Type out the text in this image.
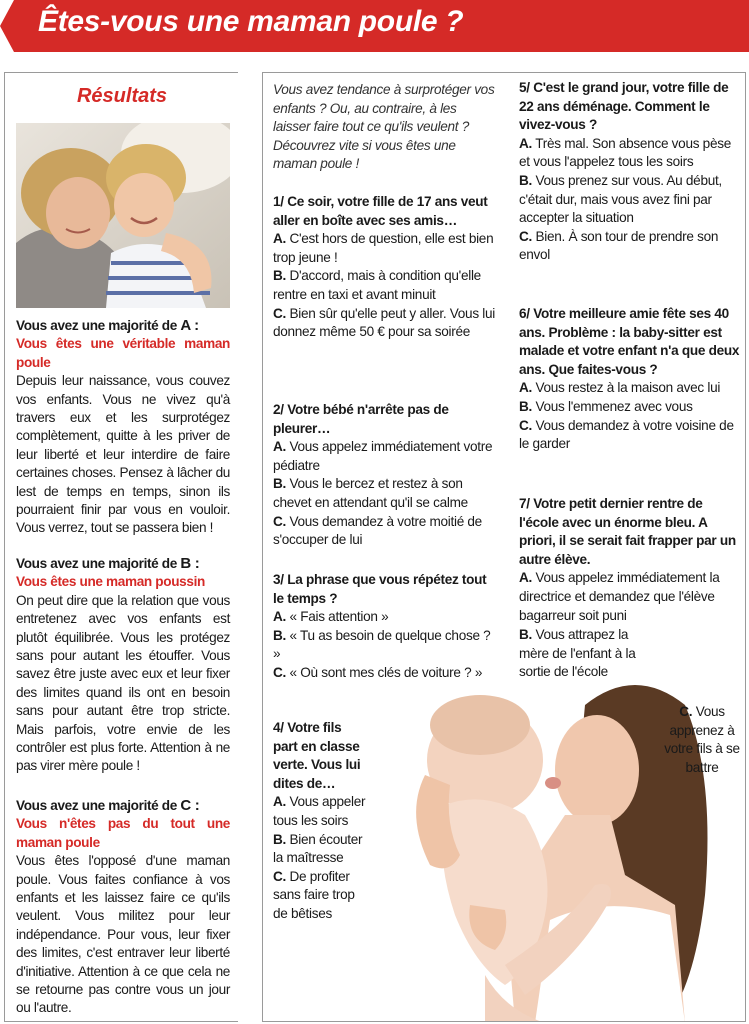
Êtes-vous une maman poule ?
Résultats
Vous avez une majorité de A :
Vous êtes une véritable maman poule
Depuis leur naissance, vous couvez vos enfants. Vous ne vivez qu'à travers eux et les surprotégez complètement, quitte à les priver de leur liberté et leur interdire de faire certaines choses. Pensez à lâcher du lest de temps en temps, sinon ils pourraient finir par vous en vouloir. Vous verrez, tout se passera bien !
Vous avez une majorité de B :
Vous êtes une maman poussin
On peut dire que la relation que vous entretenez avec vos enfants est plutôt équilibrée. Vous les protégez sans pour autant les étouffer. Vous savez être juste avec eux et leur fixer des limites quand ils ont en besoin sans pour autant être trop stricte. Mais parfois, votre envie de les contrôler est plus forte. Attention à ne pas virer mère poule !
Vous avez une majorité de C :
Vous n'êtes pas du tout une maman poule
Vous êtes l'opposé d'une maman poule. Vous faites confiance à vos enfants et les laissez faire ce qu'ils veulent. Vous militez pour leur indépendance. Pour vous, leur fixer des limites, c'est entraver leur liberté d'initiative. Attention à ce que cela ne se retourne pas contre vous un jour ou l'autre.
Vous avez tendance à surprotéger vos enfants ? Ou, au contraire, à les laisser faire tout ce qu'ils veulent ? Découvrez vite si vous êtes une maman poule !
1/ Ce soir, votre fille de 17 ans veut aller en boîte avec ses amis…
A. C'est hors de question, elle est bien trop jeune !
B. D'accord, mais à condition qu'elle rentre en taxi et avant minuit
C. Bien sûr qu'elle peut y aller. Vous lui donnez même 50 € pour sa soirée
2/ Votre bébé n'arrête pas de pleurer…
A. Vous appelez immédiatement votre pédiatre
B. Vous le bercez et restez à son chevet en attendant qu'il se calme
C. Vous demandez à votre moitié de s'occuper de lui
3/ La phrase que vous répétez tout le temps ?
A. « Fais attention »
B. « Tu as besoin de quelque chose ? »
C. « Où sont mes clés de voiture ? »
4/ Votre fils part en classe verte. Vous lui dites de…
A. Vous appeler tous les soirs
B. Bien écouter la maîtresse
C. De profiter sans faire trop de bêtises
5/ C'est le grand jour, votre fille de 22 ans déménage. Comment le vivez-vous ?
A. Très mal. Son absence vous pèse et vous l'appelez tous les soirs
B. Vous prenez sur vous. Au début, c'était dur, mais vous avez fini par accepter la situation
C. Bien. À son tour de prendre son envol
6/ Votre meilleure amie fête ses 40 ans. Problème : la baby-sitter est malade et votre enfant n'a que deux ans. Que faites-vous ?
A. Vous restez à la maison avec lui
B. Vous l'emmenez avec vous
C. Vous demandez à votre voisine de le garder
7/ Votre petit dernier rentre de l'école avec un énorme bleu. A priori, il se serait fait frapper par un autre élève.
A. Vous appelez immédiatement la directrice et demandez que l'élève bagarreur soit puni
B. Vous attrapez la mère de l'enfant à la sortie de l'école
C. Vous apprenez à votre fils à se battre
